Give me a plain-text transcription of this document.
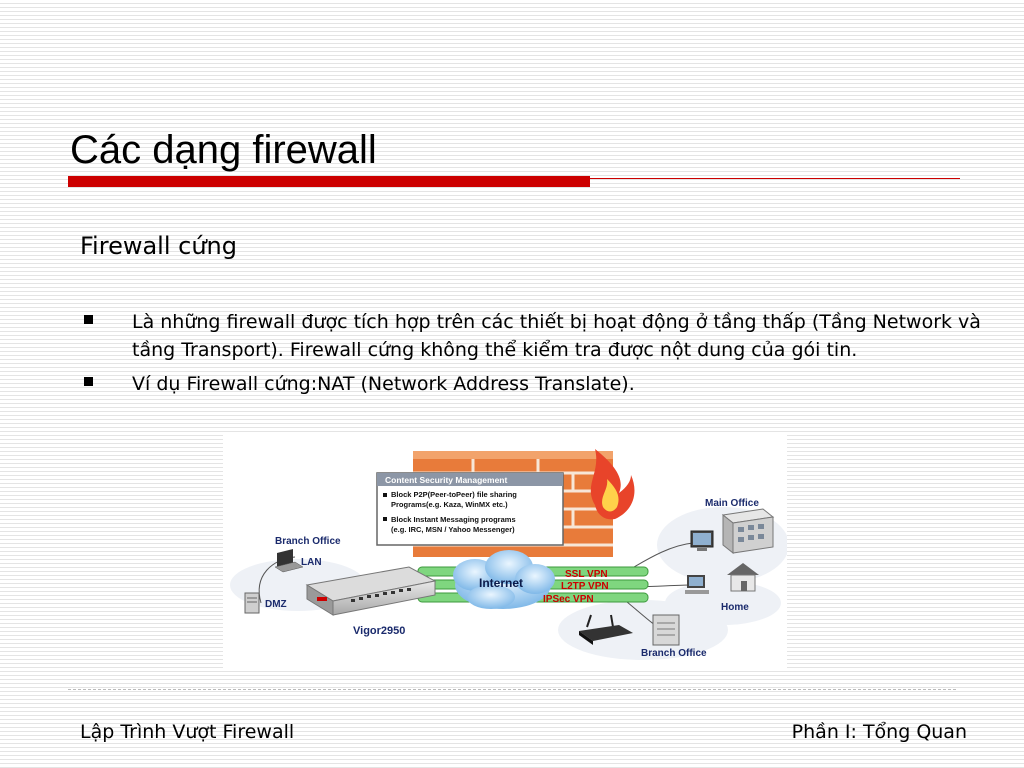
Các dạng firewall
Firewall cứng
Là những firewall được tích hợp trên các thiết bị hoạt động ở tầng thấp (Tầng Network và tầng Transport). Firewall cứng không thể kiểm tra được nột dung của gói tin.
Ví dụ Firewall cứng:NAT (Network Address Translate).
Content Security Management
Block P2P(Peer-toPeer) file sharing
Programs(e.g. Kaza, WinMX etc.)
Block Instant Messaging programs
(e.g. IRC, MSN / Yahoo Messenger)
Internet
SSL VPN
L2TP VPN
IPSec VPN
Vigor2950
Branch Office
LAN
DMZ
Main Office
Home
Branch Office
Lập Trình Vượt Firewall	Phần I: Tổng Quan
